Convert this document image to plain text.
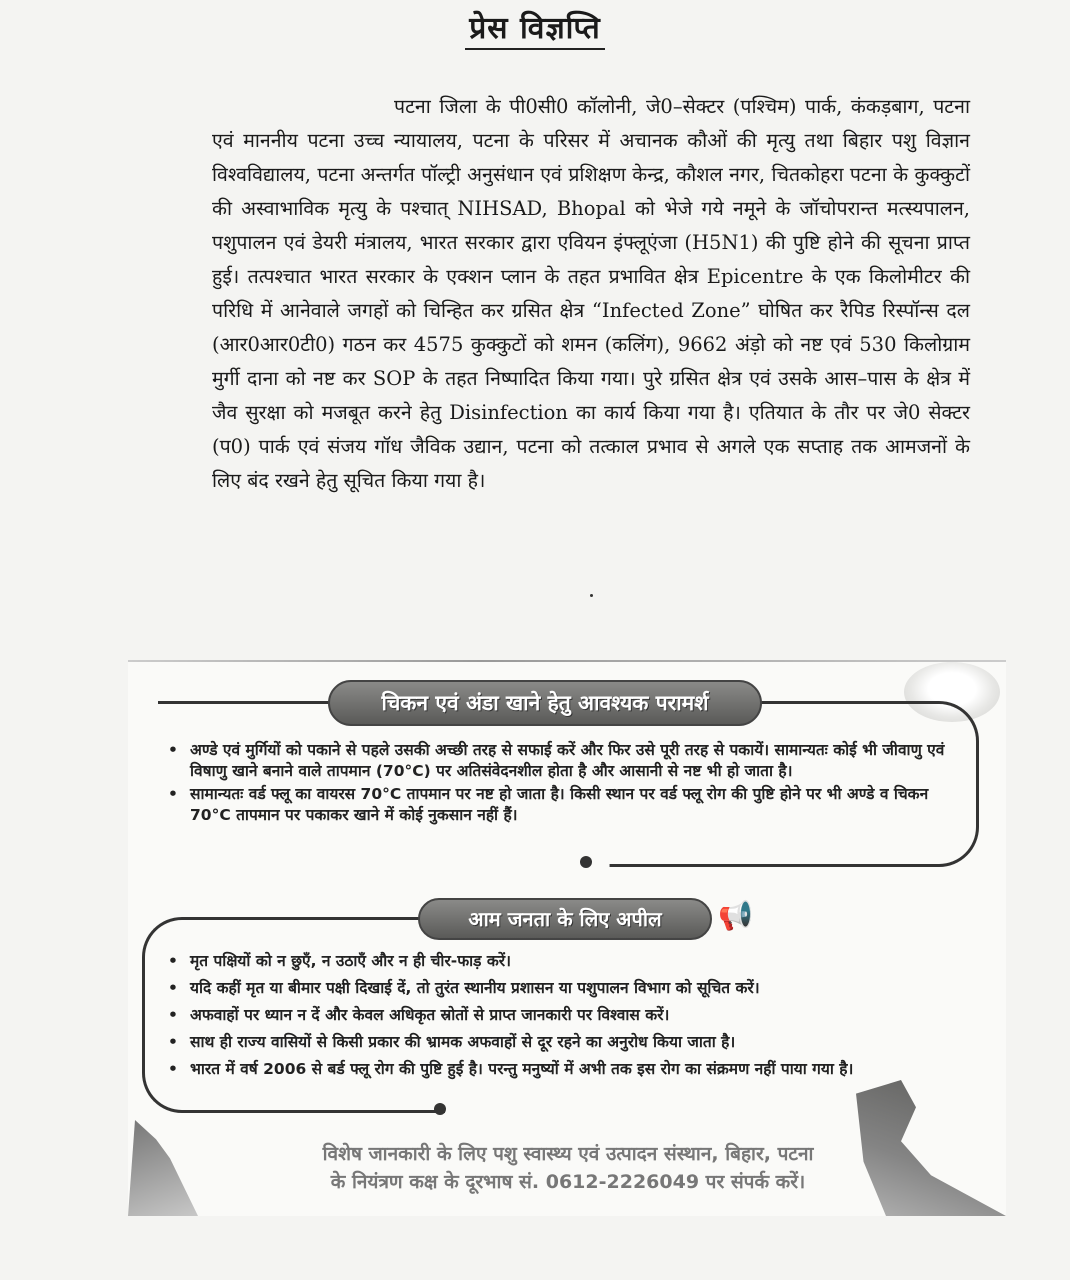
प्रेस विज्ञप्ति
पटना जिला के पी0सी0 कॉलोनी, जे0–सेक्टर (पश्चिम) पार्क, कंकड़बाग, पटना एवं माननीय पटना उच्च न्यायालय, पटना के परिसर में अचानक कौओं की मृत्यु तथा बिहार पशु विज्ञान विश्वविद्यालय, पटना अन्तर्गत पॉल्ट्री अनुसंधान एवं प्रशिक्षण केन्द्र, कौशल नगर, चितकोहरा पटना के कुक्कुटों की अस्वाभाविक मृत्यु के पश्चात् NIHSAD, Bhopal को भेजे गये नमूने के जॉचोपरान्त मत्स्यपालन, पशुपालन एवं डेयरी मंत्रालय, भारत सरकार द्वारा एवियन इंफ्लूएंजा (H5N1) की पुष्टि होने की सूचना प्राप्त हुई। तत्पश्चात भारत सरकार के एक्शन प्लान के तहत प्रभावित क्षेत्र Epicentre के एक किलोमीटर की परिधि में आनेवाले जगहों को चिन्हित कर ग्रसित क्षेत्र “Infected Zone” घोषित कर रैपिड रिस्पॉन्स दल (आर0आर0टी0) गठन कर 4575 कुक्कुटों को शमन (कलिंग), 9662 अंड़ो को नष्ट एवं 530 किलोग्राम मुर्गी दाना को नष्ट कर SOP के तहत निष्पादित किया गया। पुरे ग्रसित क्षेत्र एवं उसके आस–पास के क्षेत्र में जैव सुरक्षा को मजबूत करने हेतु Disinfection का कार्य किया गया है। एतियात के तौर पर जे0 सेक्टर (प0) पार्क एवं संजय गॉध जैविक उद्यान, पटना को तत्काल प्रभाव से अगले एक सप्ताह तक आमजनों के लिए बंद रखने हेतु सूचित किया गया है।
चिकन एवं अंडा खाने हेतु आवश्यक परामर्श
• अण्डे एवं मुर्गियों को पकाने से पहले उसकी अच्छी तरह से सफाई करें और फिर उसे पूरी तरह से पकायें। सामान्यतः कोई भी जीवाणु एवं विषाणु खाने बनाने वाले तापमान (70°C) पर अतिसंवेदनशील होता है और आसानी से नष्ट भी हो जाता है।
• सामान्यतः वर्ड फ्लू का वायरस 70°C तापमान पर नष्ट हो जाता है। किसी स्थान पर वर्ड फ्लू रोग की पुष्टि होने पर भी अण्डे व चिकन 70°C तापमान पर पकाकर खाने में कोई नुकसान नहीं हैं।
आम जनता के लिए अपील	📢
• मृत पक्षियों को न छुएँ, न उठाएँ और न ही चीर-फाड़ करें।
• यदि कहीं मृत या बीमार पक्षी दिखाई दें, तो तुरंत स्थानीय प्रशासन या पशुपालन विभाग को सूचित करें।
• अफवाहों पर ध्यान न दें और केवल अधिकृत स्रोतों से प्राप्त जानकारी पर विश्वास करें।
• साथ ही राज्य वासियों से किसी प्रकार की भ्रामक अफवाहों से दूर रहने का अनुरोध किया जाता है।
• भारत में वर्ष 2006 से बर्ड फ्लू रोग की पुष्टि हुई है। परन्तु मनुष्यों में अभी तक इस रोग का संक्रमण नहीं पाया गया है।
विशेष जानकारी के लिए पशु स्वास्थ्य एवं उत्पादन संस्थान, बिहार, पटना
के नियंत्रण कक्ष के दूरभाष सं. 0612-2226049 पर संपर्क करें।
